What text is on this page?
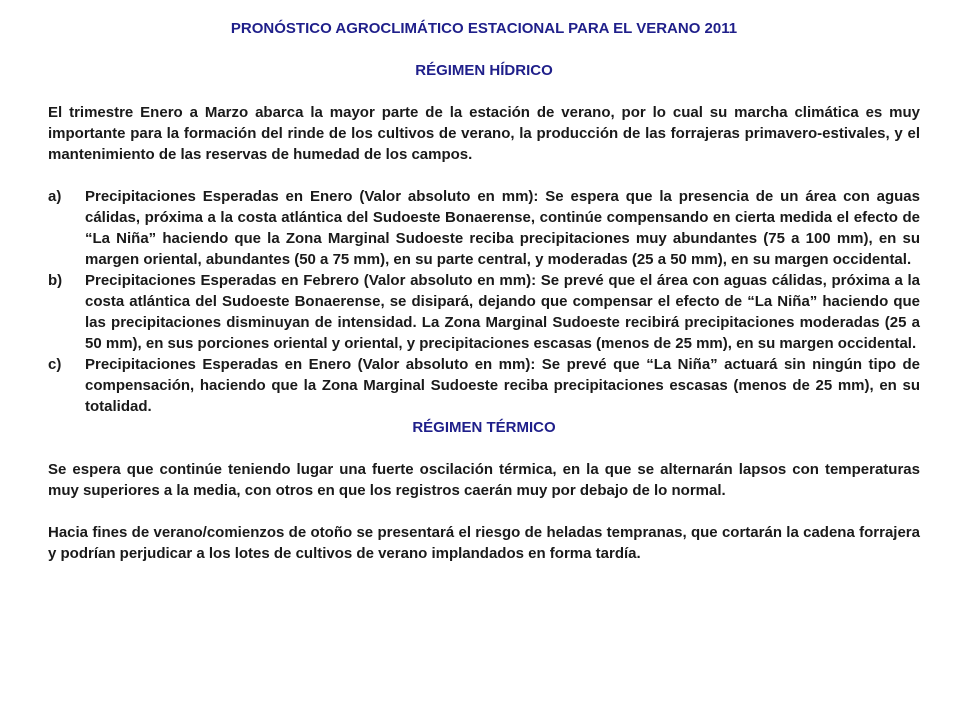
PRONÓSTICO AGROCLIMÁTICO ESTACIONAL PARA EL VERANO 2011
RÉGIMEN HÍDRICO

El trimestre Enero a Marzo abarca la mayor parte de la estación de verano, por lo cual su marcha climática es muy importante para la formación del rinde de los cultivos de verano, la producción de las forrajeras primavero-estivales, y el mantenimiento de las reservas de humedad de los campos.

a)	Precipitaciones Esperadas en Enero (Valor absoluto en mm): Se espera que la presencia de un área con aguas cálidas, próxima a la costa atlántica del Sudoeste Bonaerense, continúe compensando en cierta medida el efecto de “La Niña” haciendo que la Zona Marginal Sudoeste reciba precipitaciones muy abundantes (75 a 100 mm), en su margen oriental, abundantes (50 a 75 mm), en su parte central, y moderadas (25 a 50 mm), en su margen occidental.
b)	Precipitaciones Esperadas en Febrero (Valor absoluto en mm): Se prevé que el área con aguas cálidas, próxima a la costa atlántica del Sudoeste Bonaerense, se disipará, dejando que compensar el efecto de “La Niña” haciendo que las precipitaciones disminuyan de intensidad. La Zona Marginal Sudoeste recibirá precipitaciones moderadas (25 a 50 mm), en sus porciones oriental y oriental, y precipitaciones escasas (menos de 25 mm), en su margen occidental.
c)	Precipitaciones Esperadas en Enero (Valor absoluto en mm): Se prevé que “La Niña” actuará sin ningún tipo de compensación, haciendo que la Zona Marginal Sudoeste reciba precipitaciones escasas (menos de 25 mm), en su totalidad.
RÉGIMEN TÉRMICO

Se espera que continúe teniendo lugar una fuerte oscilación térmica, en la que se alternarán lapsos con temperaturas muy superiores a la media, con otros en que los registros caerán muy por debajo de lo normal.

Hacia fines de verano/comienzos de otoño se presentará el riesgo de heladas tempranas, que cortarán la cadena forrajera y podrían perjudicar a los lotes de cultivos de verano implandados en forma tardía.
